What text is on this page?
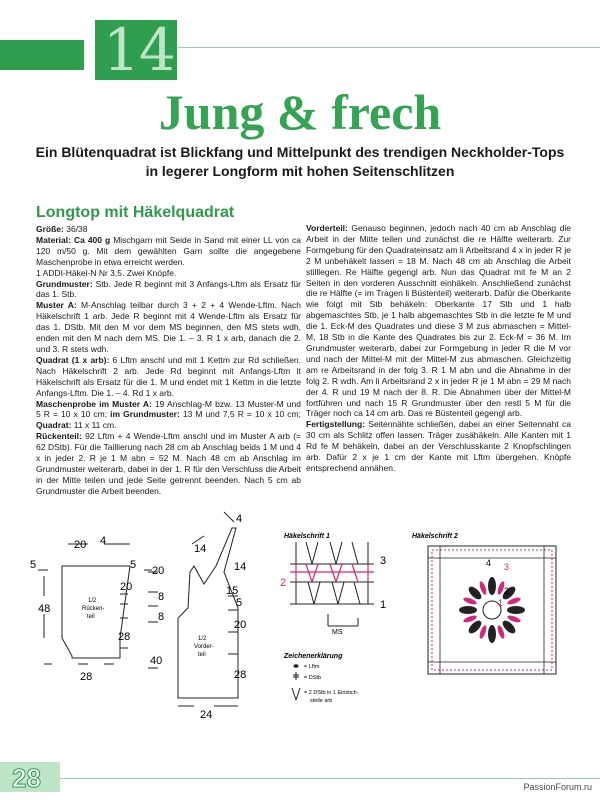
Modell
14
Jung & frech
Ein Blütenquadrat ist Blickfang und Mittelpunkt des trendigen Neckholder-Tops
in legerer Longform mit hohen Seitenschlitzen
Longtop mit Häkelquadrat

Größe: 36/38

Material: Ca 400 g Mischgarn mit Seide in Sand mit einer LL von ca 120 m/50 g. Mit dem gewählten Garn sollte die angegebene Maschenprobe in etwa erreicht werden.

1 ADDI-Häkel-N Nr 3,5. Zwei Knöpfe.

Grundmuster: Stb. Jede R beginnt mit 3 Anfangs-Lftm als Ersatz für das 1. Stb.

Muster A: M-Anschlag teilbar durch 3 + 2 + 4 Wende-Lftm. Nach Häkelschrift 1 arb. Jede R beginnt mit 4 Wende-Lftm als Ersatz für das 1. DStb. Mit den M vor dem MS beginnen, den MS stets wdh, enden mit den M nach dem MS. Die 1. – 3. R 1 x arb, danach die 2. und 3. R stets wdh.

Quadrat (1 x arb): 6 Lftm anschl und mit 1 Kettm zur Rd schließen. Nach Häkelschrift 2 arb. Jede Rd beginnt mit Anfangs-Lftm lt Häkelschrift als Ersatz für die 1. M und endet mit 1 Kettm in die letzte Anfangs-Lftm. Die 1. – 4. Rd 1 x arb.

Maschenprobe im Muster A: 19 Anschlag-M bzw. 13 Muster-M und 5 R = 10 x 10 cm; im Grundmuster: 13 M und 7,5 R = 10 x 10 cm; Quadrat: 11 x 11 cm.

Rückenteil: 92 Lftm + 4 Wende-Lftm anschl und im Muster A arb (= 62 DStb). Für die Taillierung nach 28 cm ab Anschlag beids 1 M und 4 x in jeder 2. R je 1 M abn = 52 M. Nach 48 cm ab Anschlag im Grundmuster weiterarb, dabei in der 1. R für den Verschluss die Arbeit in der Mitte teilen und jede Seite getrennt beenden. Nach 5 cm ab Grundmuster die Arbeit beenden.

Vorderteil: Genauso beginnen, jedoch nach 40 cm ab Anschlag die Arbeit in der Mitte teilen und zunächst die re Hälfte weiterarb. Zur Formgebung für den Quadrateinsatz am li Arbeitsrand 4 x in jeder R je 2 M unbehäkelt lassen = 18 M. Nach 48 cm ab Anschlag die Arbeit stilllegen. Re Hälfte gegengl arb. Nun das Quadrat mit fe M an 2 Seiten in den vorderen Ausschnitt einhäkeln. Anschließend zunächst die re Hälfte (= im Tragen li Büstenteil) weiterarb. Dafür die Oberkante wie folgt mit Stb behäkeln: Oberkante 17 Stb und 1 halb abgemaschtes Stb, je 1 halb abgemaschtes Stb in die letzte fe M und die 1. Eck-M des Quadrates und diese 3 M zus abmaschen = Mittel-M, 18 Stb in die Kante des Quadrates bis zur 2. Eck-M = 36 M. Im Grundmuster weiterarb, dabei zur Formgebung in jeder R die M vor und nach der Mittel-M mit der Mittel-M zus abmaschen. Gleichzeitig am re Arbeitsrand in der folg 3. R 1 M abn und die Abnahme in der folg 2. R wdh. Am li Arbeitsrand 2 x in jeder R je 1 M abn = 29 M nach der 4. R und 19 M nach der 8. R. Die Abnahmen über der Mittel-M fortführen und nach 15 R Grundmuster über den restl 5 M für die Träger noch ca 14 cm arb. Das re Büstenteil gegengl arb.

Fertigstellung: Seitennähte schließen, dabei an einer Seitennaht ca 30 cm als Schlitz offen lassen. Träger zusähäkeln. Alle Kanten mit 1 Rd fe M behäkeln, dabei an der Verschlusskante 2 Knopfschlingen arb. Dafür 2 x je 1 cm der Kante mit Lftm übergehen. Knöpfe entsprechend annähen.

20 4
5	5
20
48
28
28
1/2
Rücken-
teil
4
14
14
20
8
8
40
15
5
20
28
24
1/2
Vorder-
teil
Häkelschrift 1
3
2
1
MS
Zeichenerklärung
= Lftm
= DStb
= 2 DStb in 1 Einstich-
stelle arb
Häkelschrift 2
4 3
2
1
28	PassionForum.ru
